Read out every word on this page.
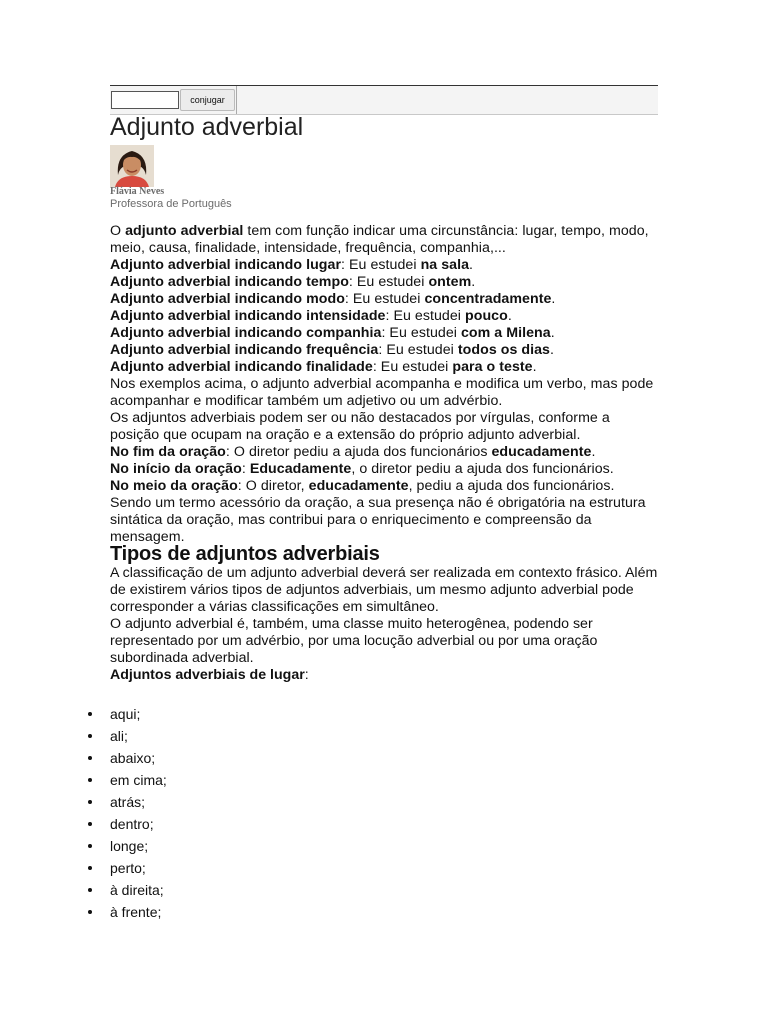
conjugar
Adjunto adverbial
Flávia Neves
Professora de Português

O adjunto adverbial tem com função indicar uma circunstância: lugar, tempo, modo, meio, causa, finalidade, intensidade, frequência, companhia,...

Adjunto adverbial indicando lugar: Eu estudei na sala.

Adjunto adverbial indicando tempo: Eu estudei ontem.

Adjunto adverbial indicando modo: Eu estudei concentradamente.

Adjunto adverbial indicando intensidade: Eu estudei pouco.

Adjunto adverbial indicando companhia: Eu estudei com a Milena.

Adjunto adverbial indicando frequência: Eu estudei todos os dias.

Adjunto adverbial indicando finalidade: Eu estudei para o teste.

Nos exemplos acima, o adjunto adverbial acompanha e modifica um verbo, mas pode acompanhar e modificar também um adjetivo ou um advérbio.

Os adjuntos adverbiais podem ser ou não destacados por vírgulas, conforme a posição que ocupam na oração e a extensão do próprio adjunto adverbial.

No fim da oração: O diretor pediu a ajuda dos funcionários educadamente.

No início da oração: Educadamente, o diretor pediu a ajuda dos funcionários.

No meio da oração: O diretor, educadamente, pediu a ajuda dos funcionários.

Sendo um termo acessório da oração, a sua presença não é obrigatória na estrutura sintática da oração, mas contribui para o enriquecimento e compreensão da mensagem.

Tipos de adjuntos adverbiais

A classificação de um adjunto adverbial deverá ser realizada em contexto frásico. Além de existirem vários tipos de adjuntos adverbiais, um mesmo adjunto adverbial pode corresponder a várias classificações em simultâneo.

O adjunto adverbial é, também, uma classe muito heterogênea, podendo ser representado por um advérbio, por uma locução adverbial ou por uma oração subordinada adverbial.

Adjuntos adverbiais de lugar:

aqui;
ali;
abaixo;
em cima;
atrás;
dentro;
longe;
perto;
à direita;
à frente;
